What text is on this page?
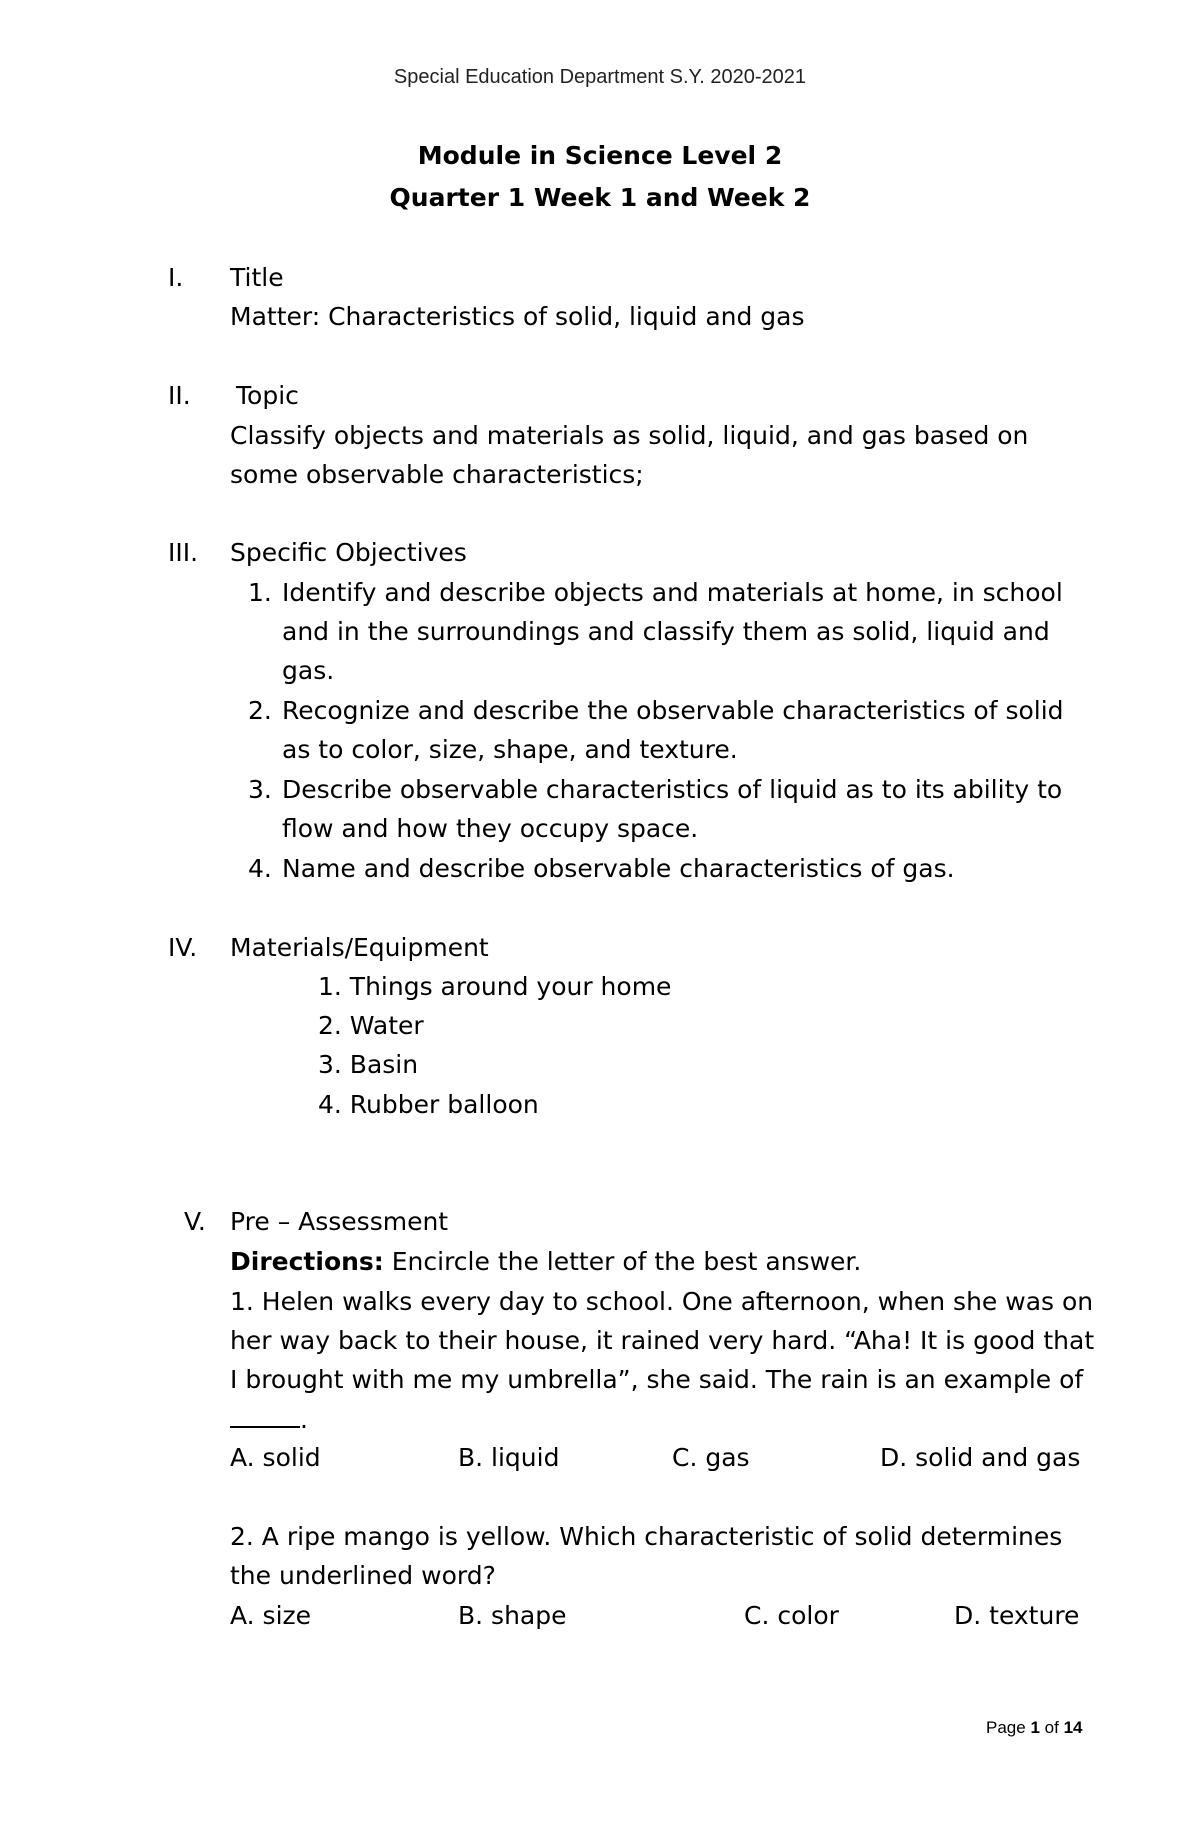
Special Education Department S.Y. 2020-2021
Module in Science Level 2
Quarter 1 Week 1 and Week 2
I. Title
Matter: Characteristics of solid, liquid and gas
II. Topic
Classify objects and materials as solid, liquid, and gas based on
some observable characteristics;
III. Specific Objectives
1. Identify and describe objects and materials at home, in school
and in the surroundings and classify them as solid, liquid and
gas.
2. Recognize and describe the observable characteristics of solid
as to color, size, shape, and texture.
3. Describe observable characteristics of liquid as to its ability to
flow and how they occupy space.
4. Name and describe observable characteristics of gas.
IV. Materials/Equipment
1. Things around your home
2. Water
3. Basin
4. Rubber balloon
V. Pre – Assessment
Directions: Encircle the letter of the best answer.
1. Helen walks every day to school. One afternoon, when she was on
her way back to their house, it rained very hard. “Aha! It is good that
I brought with me my umbrella”, she said. The rain is an example of
.
A. solid	B. liquid	C. gas	D. solid and gas
2. A ripe mango is yellow. Which characteristic of solid determines
the underlined word?
A. size	B. shape	C. color	D. texture
Page 1 of 14
